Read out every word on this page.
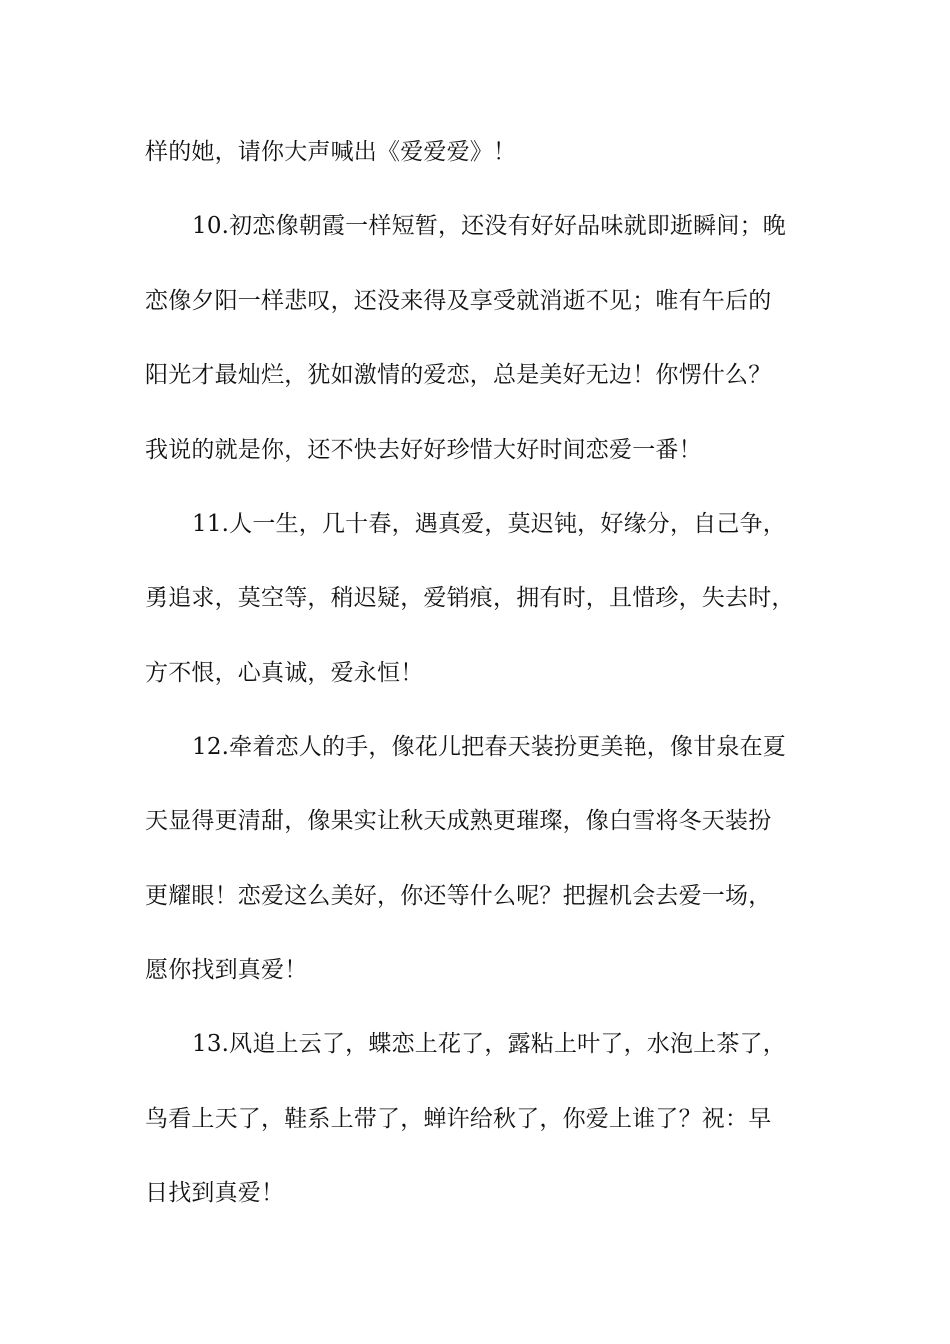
样的她，请你大声喊出《爱爱爱》！

10.初恋像朝霞一样短暂，还没有好好品味就即逝瞬间；晚

恋像夕阳一样悲叹，还没来得及享受就消逝不见；唯有午后的

阳光才最灿烂，犹如激情的爱恋，总是美好无边！你愣什么？

我说的就是你，还不快去好好珍惜大好时间恋爱一番！

11.人一生，几十春，遇真爱，莫迟钝，好缘分，自己争，

勇追求，莫空等，稍迟疑，爱销痕，拥有时，且惜珍，失去时，

方不恨，心真诚，爱永恒！

12.牵着恋人的手，像花儿把春天装扮更美艳，像甘泉在夏

天显得更清甜，像果实让秋天成熟更璀璨，像白雪将冬天装扮

更耀眼！恋爱这么美好，你还等什么呢？把握机会去爱一场，

愿你找到真爱！

13.风追上云了，蝶恋上花了，露粘上叶了，水泡上茶了，

鸟看上天了，鞋系上带了，蝉许给秋了，你爱上谁了？祝：早

日找到真爱！
